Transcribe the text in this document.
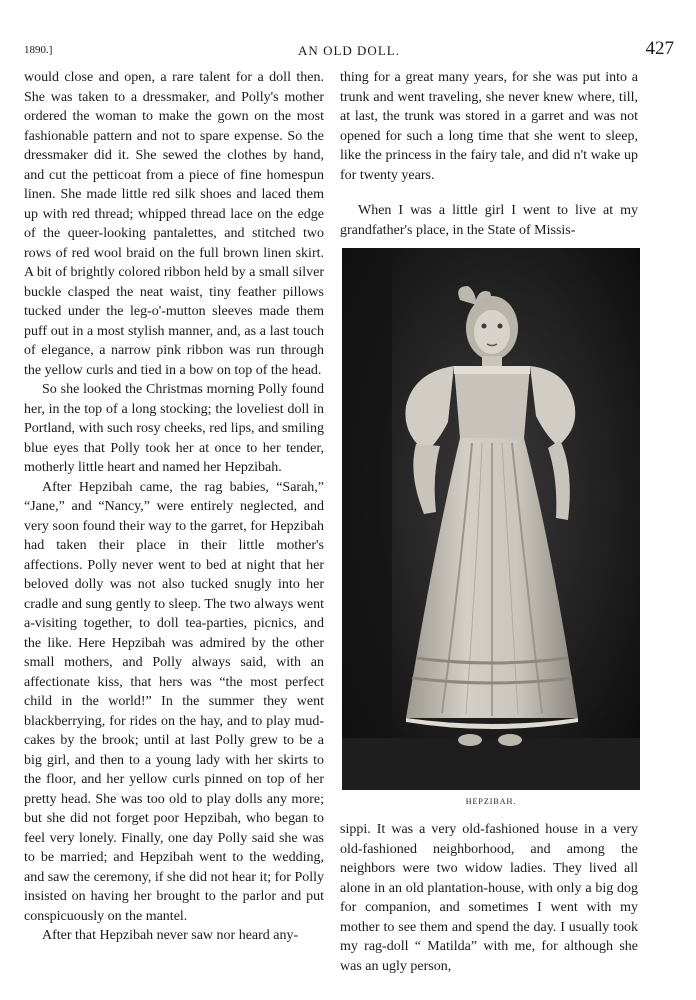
1890.]	AN OLD DOLL.	427

would close and open, a rare talent for a doll then. She was taken to a dressmaker, and Polly's mother ordered the woman to make the gown on the most fashionable pattern and not to spare expense. So the dressmaker did it. She sewed the clothes by hand, and cut the petticoat from a piece of fine homespun linen. She made little red silk shoes and laced them up with red thread; whipped thread lace on the edge of the queer-looking pantalettes, and stitched two rows of red wool braid on the full brown linen skirt. A bit of brightly colored ribbon held by a small silver buckle clasped the neat waist, tiny feather pillows tucked under the leg-o'-mutton sleeves made them puff out in a most stylish manner, and, as a last touch of elegance, a narrow pink ribbon was run through the yellow curls and tied in a bow on top of the head.

So she looked the Christmas morning Polly found her, in the top of a long stocking; the loveliest doll in Portland, with such rosy cheeks, red lips, and smiling blue eyes that Polly took her at once to her tender, motherly little heart and named her Hepzibah.

After Hepzibah came, the rag babies, “Sarah,” “Jane,” and “Nancy,” were entirely neglected, and very soon found their way to the garret, for Hepzibah had taken their place in their little mother's affections. Polly never went to bed at night that her beloved dolly was not also tucked snugly into her cradle and sung gently to sleep. The two always went a-visiting together, to doll tea-parties, picnics, and the like. Here Hepzibah was admired by the other small mothers, and Polly always said, with an affectionate kiss, that hers was “the most perfect child in the world!” In the summer they went blackberrying, for rides on the hay, and to play mud-cakes by the brook; until at last Polly grew to be a big girl, and then to a young lady with her skirts to the floor, and her yellow curls pinned on top of her pretty head. She was too old to play dolls any more; but she did not forget poor Hepzibah, who began to feel very lonely. Finally, one day Polly said she was to be married; and Hepzibah went to the wedding, and saw the ceremony, if she did not hear it; for Polly insisted on having her brought to the parlor and put conspicuously on the mantel.

After that Hepzibah never saw nor heard any-

thing for a great many years, for she was put into a trunk and went traveling, she never knew where, till, at last, the trunk was stored in a garret and was not opened for such a long time that she went to sleep, like the princess in the fairy tale, and did n't wake up for twenty years.

When I was a little girl I went to live at my grandfather's place, in the State of Missis-

HEPZIBAH.

sippi. It was a very old-fashioned house in a very old-fashioned neighborhood, and among the neighbors were two widow ladies. They lived all alone in an old plantation-house, with only a big dog for companion, and sometimes I went with my mother to see them and spend the day. I usually took my rag-doll “ Matilda” with me, for although she was an ugly person,
